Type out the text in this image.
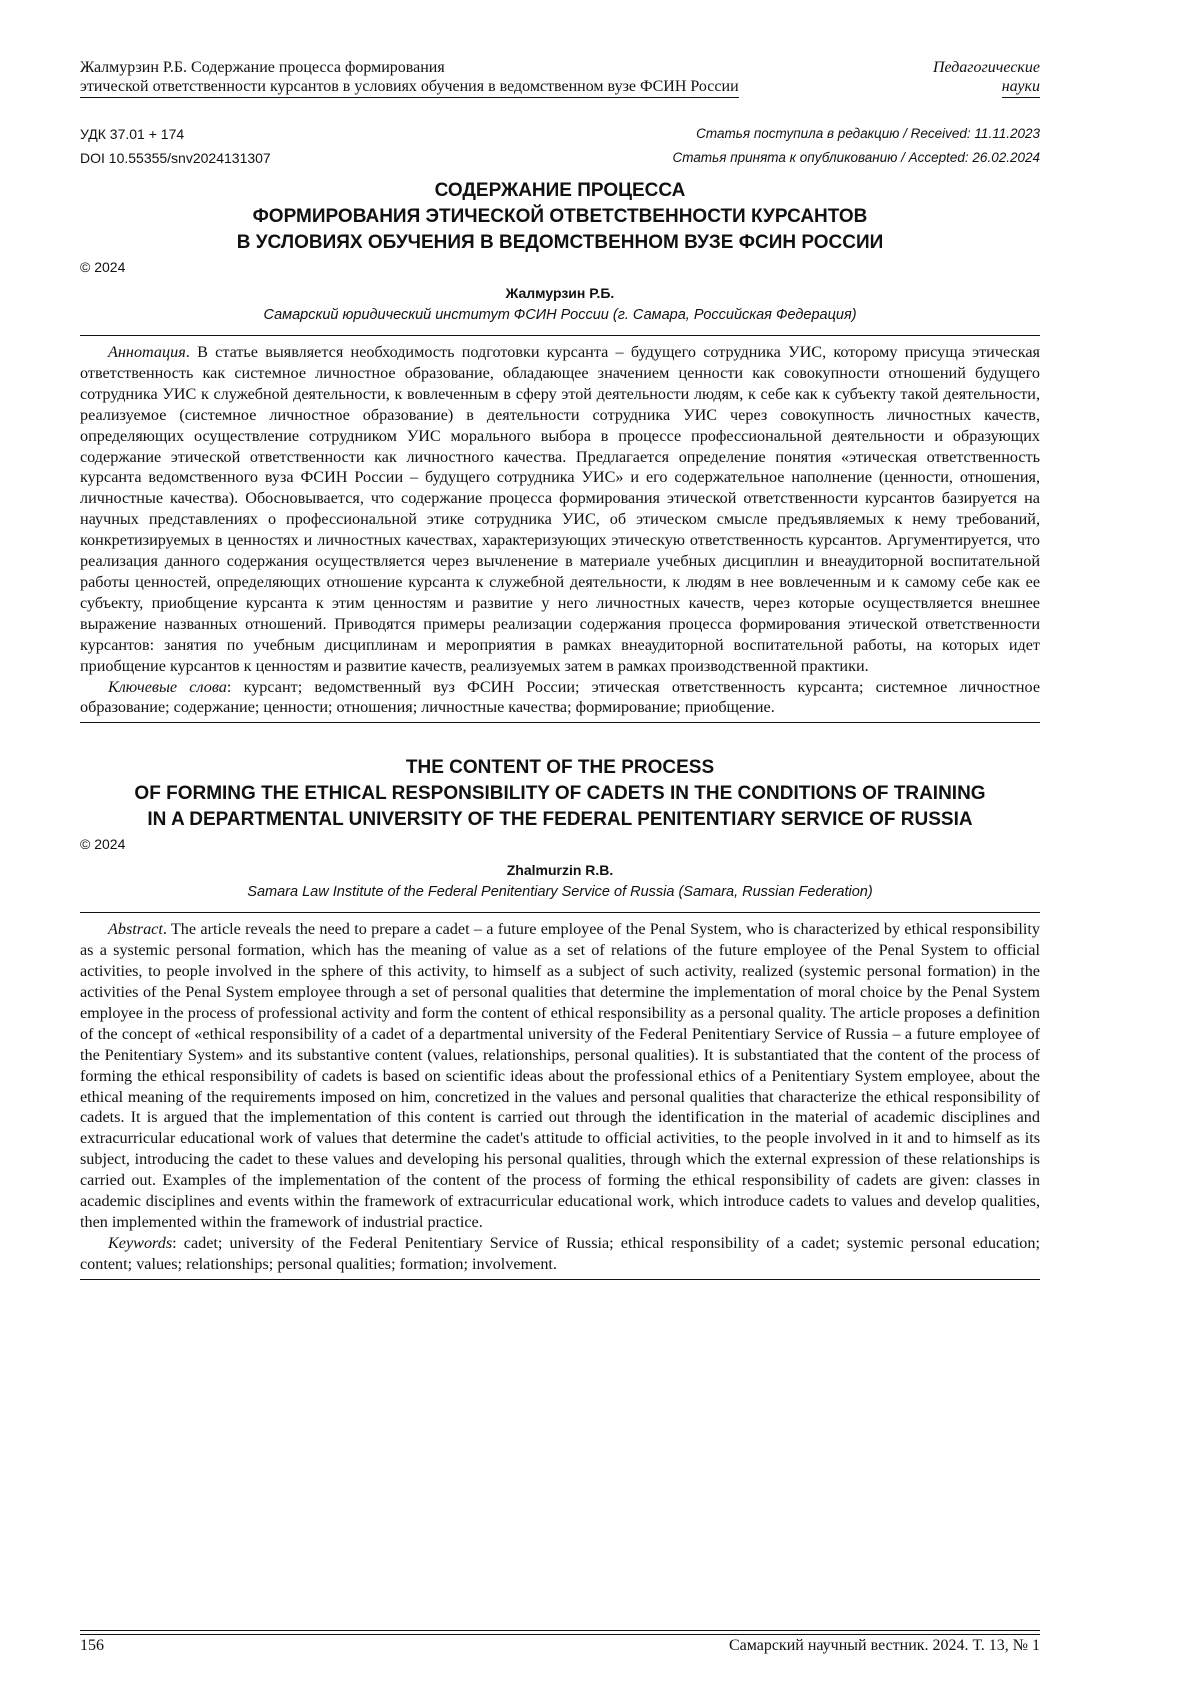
Жалмурзин Р.Б. Содержание процесса формирования
этической ответственности курсантов в условиях обучения в ведомственном вузе ФСИН России
Педагогические
науки
УДК 37.01 + 174
DOI 10.55355/snv2024131307
Статья поступила в редакцию / Received: 11.11.2023
Статья принята к опубликованию / Accepted: 26.02.2024
СОДЕРЖАНИЕ ПРОЦЕССА
ФОРМИРОВАНИЯ ЭТИЧЕСКОЙ ОТВЕТСТВЕННОСТИ КУРСАНТОВ
В УСЛОВИЯХ ОБУЧЕНИЯ В ВЕДОМСТВЕННОМ ВУЗЕ ФСИН РОССИИ
© 2024
Жалмурзин Р.Б.
Самарский юридический институт ФСИН России (г. Самара, Российская Федерация)

Аннотация. В статье выявляется необходимость подготовки курсанта – будущего сотрудника УИС, которому присуща этическая ответственность как системное личностное образование, обладающее значением ценности как совокупности отношений будущего сотрудника УИС к служебной деятельности, к вовлеченным в сферу этой деятельности людям, к себе как к субъекту такой деятельности, реализуемое (системное личностное образование) в деятельности сотрудника УИС через совокупность личностных качеств, определяющих осуществление сотрудником УИС морального выбора в процессе профессиональной деятельности и образующих содержание этической ответственности как личностного качества. Предлагается определение понятия «этическая ответственность курсанта ведомственного вуза ФСИН России – будущего сотрудника УИС» и его содержательное наполнение (ценности, отношения, личностные качества). Обосновывается, что содержание процесса формирования этической ответственности курсантов базируется на научных представлениях о профессиональной этике сотрудника УИС, об этическом смысле предъявляемых к нему требований, конкретизируемых в ценностях и личностных качествах, характеризующих этическую ответственность курсантов. Аргументируется, что реализация данного содержания осуществляется через вычленение в материале учебных дисциплин и внеаудиторной воспитательной работы ценностей, определяющих отношение курсанта к служебной деятельности, к людям в нее вовлеченным и к самому себе как ее субъекту, приобщение курсанта к этим ценностям и развитие у него личностных качеств, через которые осуществляется внешнее выражение названных отношений. Приводятся примеры реализации содержания процесса формирования этической ответственности курсантов: занятия по учебным дисциплинам и мероприятия в рамках внеаудиторной воспитательной работы, на которых идет приобщение курсантов к ценностям и развитие качеств, реализуемых затем в рамках производственной практики.

Ключевые слова: курсант; ведомственный вуз ФСИН России; этическая ответственность курсанта; системное личностное образование; содержание; ценности; отношения; личностные качества; формирование; приобщение.

THE CONTENT OF THE PROCESS
OF FORMING THE ETHICAL RESPONSIBILITY OF CADETS IN THE CONDITIONS OF TRAINING
IN A DEPARTMENTAL UNIVERSITY OF THE FEDERAL PENITENTIARY SERVICE OF RUSSIA
© 2024
Zhalmurzin R.B.
Samara Law Institute of the Federal Penitentiary Service of Russia (Samara, Russian Federation)

Abstract. The article reveals the need to prepare a cadet – a future employee of the Penal System, who is characterized by ethical responsibility as a systemic personal formation, which has the meaning of value as a set of relations of the future employee of the Penal System to official activities, to people involved in the sphere of this activity, to himself as a subject of such activity, realized (systemic personal formation) in the activities of the Penal System employee through a set of personal qualities that determine the implementation of moral choice by the Penal System employee in the process of professional activity and form the content of ethical responsibility as a personal quality. The article proposes a definition of the concept of «ethical responsibility of a cadet of a departmental university of the Federal Penitentiary Service of Russia – a future employee of the Penitentiary System» and its substantive content (values, relationships, personal qualities). It is substantiated that the content of the process of forming the ethical responsibility of cadets is based on scientific ideas about the professional ethics of a Penitentiary System employee, about the ethical meaning of the requirements imposed on him, concretized in the values and personal qualities that characterize the ethical responsibility of cadets. It is argued that the implementation of this content is carried out through the identification in the material of academic disciplines and extracurricular educational work of values that determine the cadet's attitude to official activities, to the people involved in it and to himself as its subject, introducing the cadet to these values and developing his personal qualities, through which the external expression of these relationships is carried out. Examples of the implementation of the content of the process of forming the ethical responsibility of cadets are given: classes in academic disciplines and events within the framework of extracurricular educational work, which introduce cadets to values and develop qualities, then implemented within the framework of industrial practice.

Keywords: cadet; university of the Federal Penitentiary Service of Russia; ethical responsibility of a cadet; systemic personal education; content; values; relationships; personal qualities; formation; involvement.

156	Самарский научный вестник. 2024. Т. 13, № 1
